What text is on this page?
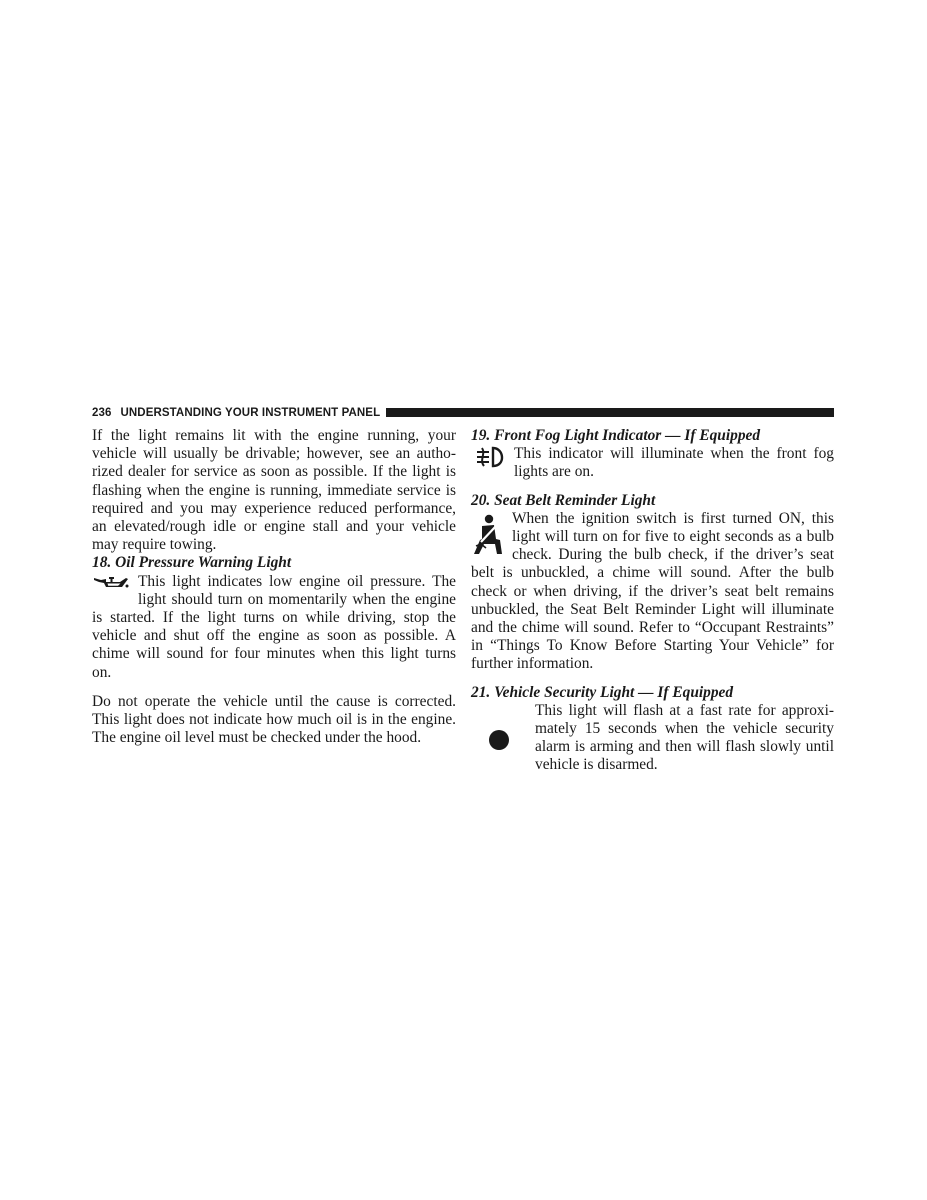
236 UNDERSTANDING YOUR INSTRUMENT PANEL

If the light remains lit with the engine running, your

vehicle will usually be drivable; however, see an autho-

rized dealer for service as soon as possible. If the light is

flashing when the engine is running, immediate service is

required and you may experience reduced performance,

an elevated/rough idle or engine stall and your vehicle

may require towing.

18. Oil Pressure Warning Light

This light indicates low engine oil pressure. The

light should turn on momentarily when the engine

is started. If the light turns on while driving, stop the

vehicle and shut off the engine as soon as possible. A

chime will sound for four minutes when this light turns

on.

Do not operate the vehicle until the cause is corrected.

This light does not indicate how much oil is in the engine.

The engine oil level must be checked under the hood.

19. Front Fog Light Indicator — If Equipped

This indicator will illuminate when the front fog

lights are on.

20. Seat Belt Reminder Light

When the ignition switch is first turned ON, this

light will turn on for five to eight seconds as a bulb

check. During the bulb check, if the driver’s seat

belt is unbuckled, a chime will sound. After the bulb

check or when driving, if the driver’s seat belt remains

unbuckled, the Seat Belt Reminder Light will illuminate

and the chime will sound. Refer to “Occupant Restraints”

in “Things To Know Before Starting Your Vehicle” for

further information.

21. Vehicle Security Light — If Equipped

This light will flash at a fast rate for approxi-

mately 15 seconds when the vehicle security

alarm is arming and then will flash slowly until

vehicle is disarmed.
